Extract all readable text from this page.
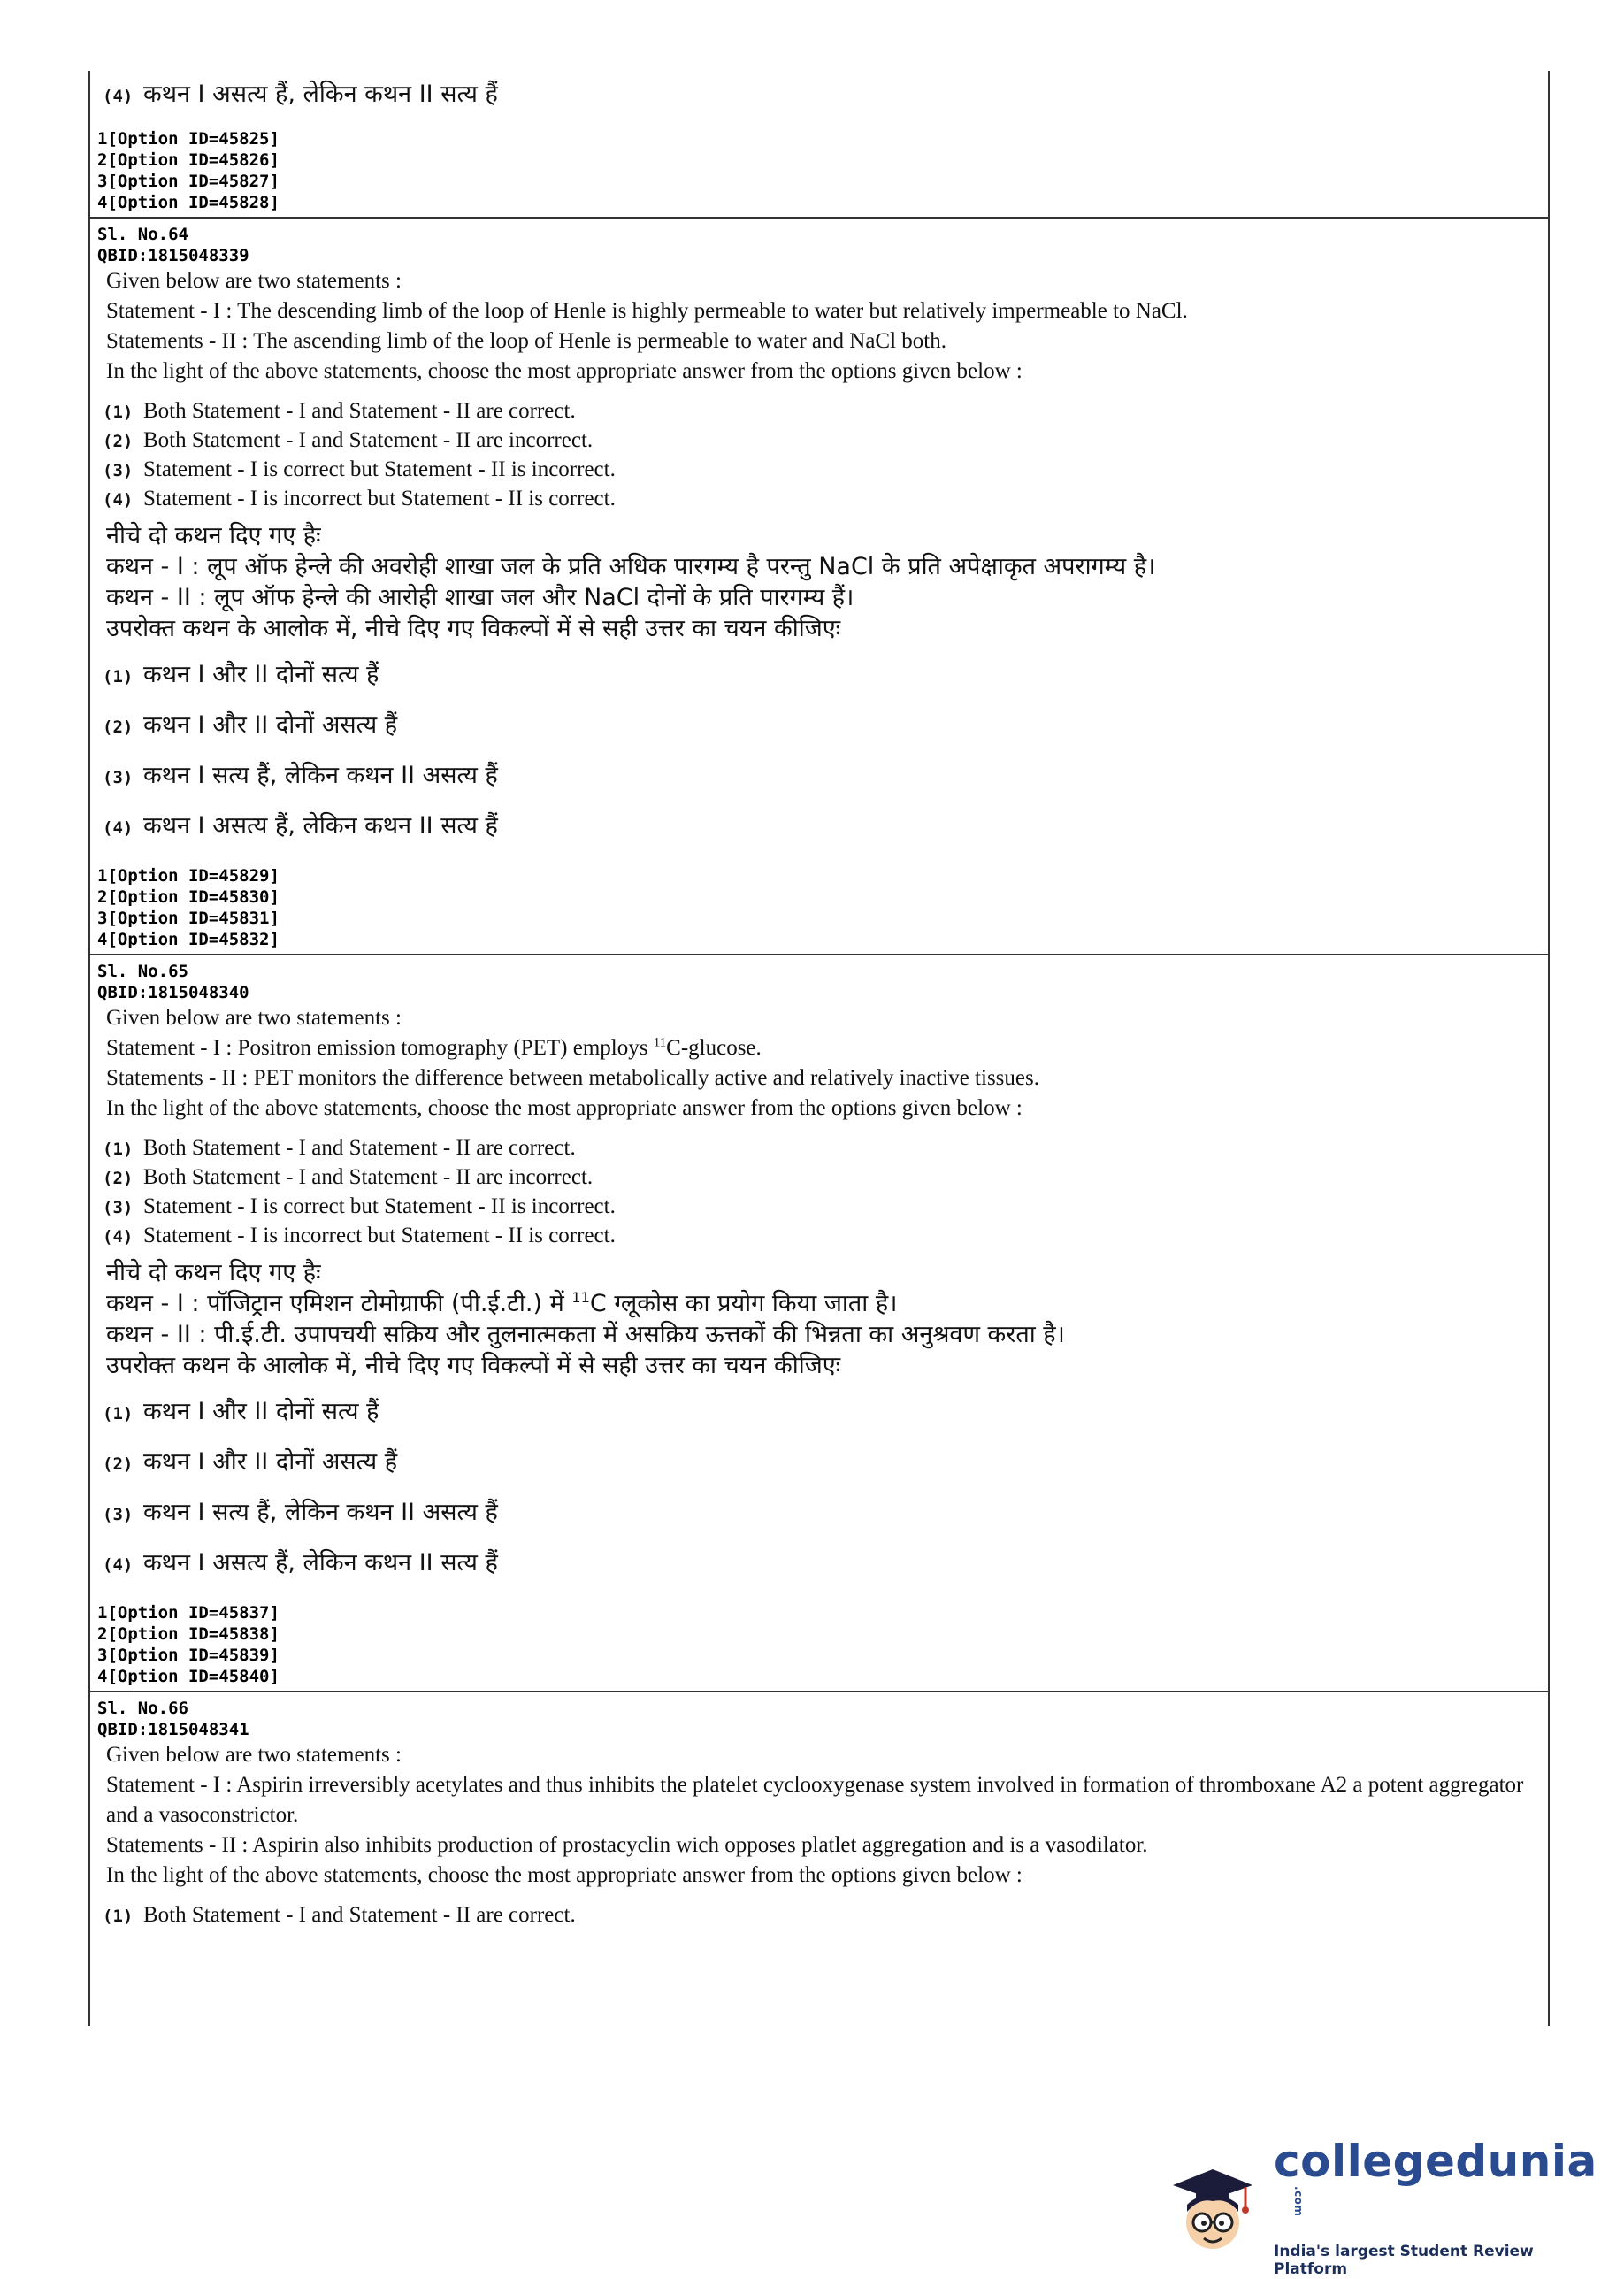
(4) कथन I असत्य हैं, लेकिन कथन II सत्य हैं
1[Option ID=45825]
2[Option ID=45826]
3[Option ID=45827]
4[Option ID=45828]
Sl. No.64
QBID:1815048339
Given below are two statements :
Statement - I : The descending limb of the loop of Henle is highly permeable to water but relatively impermeable to NaCl.
Statements - II : The ascending limb of the loop of Henle is permeable to water and NaCl both.
In the light of the above statements, choose the most appropriate answer from the options given below :
(1) Both Statement - I and Statement - II are correct.
(2) Both Statement - I and Statement - II are incorrect.
(3) Statement - I is correct but Statement - II is incorrect.
(4) Statement - I is incorrect but Statement - II is correct.
नीचे दो कथन दिए गए हैः
कथन - I : लूप ऑफ हेन्ले की अवरोही शाखा जल के प्रति अधिक पारगम्य है परन्तु NaCl के प्रति अपेक्षाकृत अपरागम्य है।
कथन - II : लूप ऑफ हेन्ले की आरोही शाखा जल और NaCl दोनों के प्रति पारगम्य हैं।
उपरोक्त कथन के आलोक में, नीचे दिए गए विकल्पों में से सही उत्तर का चयन कीजिएः
(1) कथन I और II दोनों सत्य हैं
(2) कथन I और II दोनों असत्य हैं
(3) कथन I सत्य हैं, लेकिन कथन II असत्य हैं
(4) कथन I असत्य हैं, लेकिन कथन II सत्य हैं
1[Option ID=45829]
2[Option ID=45830]
3[Option ID=45831]
4[Option ID=45832]
Sl. No.65
QBID:1815048340
Given below are two statements :
Statement - I : Positron emission tomography (PET) employs $^{11}$C-glucose.
Statements - II : PET monitors the difference between metabolically active and relatively inactive tissues.
In the light of the above statements, choose the most appropriate answer from the options given below :
(1) Both Statement - I and Statement - II are correct.
(2) Both Statement - I and Statement - II are incorrect.
(3) Statement - I is correct but Statement - II is incorrect.
(4) Statement - I is incorrect but Statement - II is correct.
नीचे दो कथन दिए गए हैः
कथन - I : पॉजिट्रान एमिशन टोमोग्राफी (पी.ई.टी.) में $^{11}$C ग्लूकोस का प्रयोग किया जाता है।
कथन - II : पी.ई.टी. उपापचयी सक्रिय और तुलनात्मकता में असक्रिय ऊत्तकों की भिन्नता का अनुश्रवण करता है।
उपरोक्त कथन के आलोक में, नीचे दिए गए विकल्पों में से सही उत्तर का चयन कीजिएः
(1) कथन I और II दोनों सत्य हैं
(2) कथन I और II दोनों असत्य हैं
(3) कथन I सत्य हैं, लेकिन कथन II असत्य हैं
(4) कथन I असत्य हैं, लेकिन कथन II सत्य हैं
1[Option ID=45837]
2[Option ID=45838]
3[Option ID=45839]
4[Option ID=45840]
Sl. No.66
QBID:1815048341
Given below are two statements :
Statement - I : Aspirin irreversibly acetylates and thus inhibits the platelet cyclooxygenase system involved in formation of thromboxane A2 a potent aggregator and a vasoconstrictor.
Statements - II : Aspirin also inhibits production of prostacyclin wich opposes platlet aggregation and is a vasodilator.
In the light of the above statements, choose the most appropriate answer from the options given below :
(1) Both Statement - I and Statement - II are correct.
collegedunia.com
India's largest Student Review Platform
